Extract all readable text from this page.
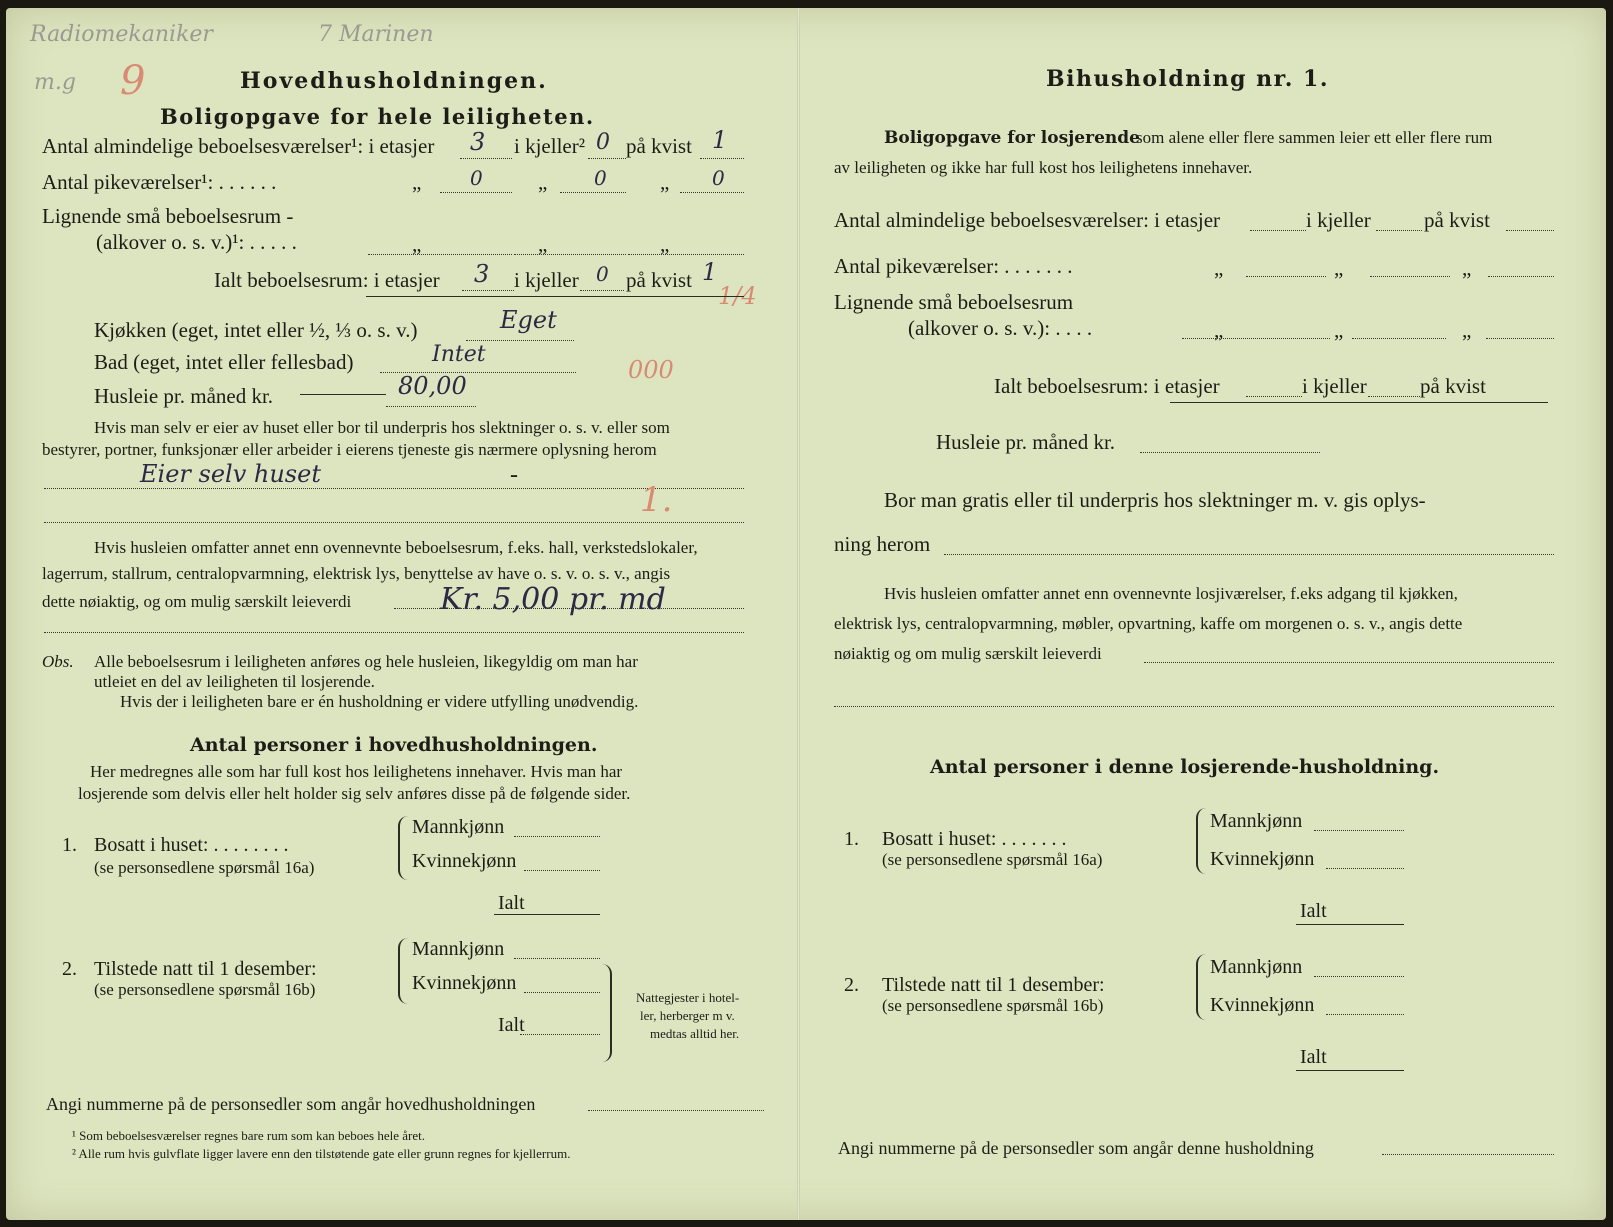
Radiomekaniker	7 Marinen
m.g 9	Hovedhusholdningen.
Boligopgave for hele leiligheten.
Antal almindelige beboelsesværelser¹: i etasjer 3 i kjeller² 0 på kvist 1
Antal pikeværelser¹: . . . . . .	„ 0	„ 0	„ 0
Lignende små beboelsesrum -
(alkover o. s. v.)¹: . . . . .	„	„	„
Ialt beboelsesrum: i etasjer 3 i kjeller 0 på kvist 1
1/4
Kjøkken (eget, intet eller ½, ⅓ o. s. v.)	Eget
Bad (eget, intet eller fellesbad)	Intet
000
Husleie pr. måned kr.	80,00
Hvis man selv er eier av huset eller bor til underpris hos slektninger o. s. v. eller som
bestyrer, portner, funksjonær eller arbeider i eierens tjeneste gis nærmere oplysning herom
Eier selv huset	-
1.
Hvis husleien omfatter annet enn ovennevnte beboelsesrum, f.eks. hall, verkstedslokaler,
lagerrum, stallrum, centralopvarmning, elektrisk lys, benyttelse av have o. s. v. o. s. v., angis
dette nøiaktig, og om mulig særskilt leieverdi	Kr. 5,00 pr. md
Obs. Alle beboelsesrum i leiligheten anføres og hele husleien, likegyldig om man har
utleiet en del av leiligheten til losjerende.
Hvis der i leiligheten bare er én husholdning er videre utfylling unødvendig.
Antal personer i hovedhusholdningen.
Her medregnes alle som har full kost hos leilighetens innehaver. Hvis man har
losjerende som delvis eller helt holder sig selv anføres disse på de følgende sider.
1. Bosatt i huset: . . . . . . . .
(se personsedlene spørsmål 16a)
Mannkjønn
Kvinnekjønn
Ialt
2. Tilstede natt til 1 desember:
(se personsedlene spørsmål 16b)
Mannkjønn
Kvinnekjønn
Ialt
Nattegjester i hotel-
ler, herberger m v.
medtas alltid her.
Angi nummerne på de personsedler som angår hovedhusholdningen
¹ Som beboelsesværelser regnes bare rum som kan beboes hele året.
² Alle rum hvis gulvflate ligger lavere enn den tilstøtende gate eller grunn regnes for kjellerrum.
Bihusholdning nr. 1.
Boligopgave for losjerende
som alene eller flere sammen leier ett eller flere rum
av leiligheten og ikke har full kost hos leilighetens innehaver.
Antal almindelige beboelsesværelser: i etasjer	i kjeller	på kvist
Antal pikeværelser: . . . . . . .	„	„	„
Lignende små beboelsesrum
(alkover o. s. v.): . . . .	„	„	„
Ialt beboelsesrum: i etasjer	i kjeller	på kvist
Husleie pr. måned kr.
Bor man gratis eller til underpris hos slektninger m. v. gis oplys-
ning herom
Hvis husleien omfatter annet enn ovennevnte losjiværelser, f.eks adgang til kjøkken,
elektrisk lys, centralopvarmning, møbler, opvartning, kaffe om morgenen o. s. v., angis dette
nøiaktig og om mulig særskilt leieverdi
Antal personer i denne losjerende-husholdning.
1. Bosatt i huset: . . . . . . .
(se personsedlene spørsmål 16a)
Mannkjønn
Kvinnekjønn
Ialt
2. Tilstede natt til 1 desember:
(se personsedlene spørsmål 16b)
Mannkjønn
Kvinnekjønn
Ialt
Angi nummerne på de personsedler som angår denne husholdning
